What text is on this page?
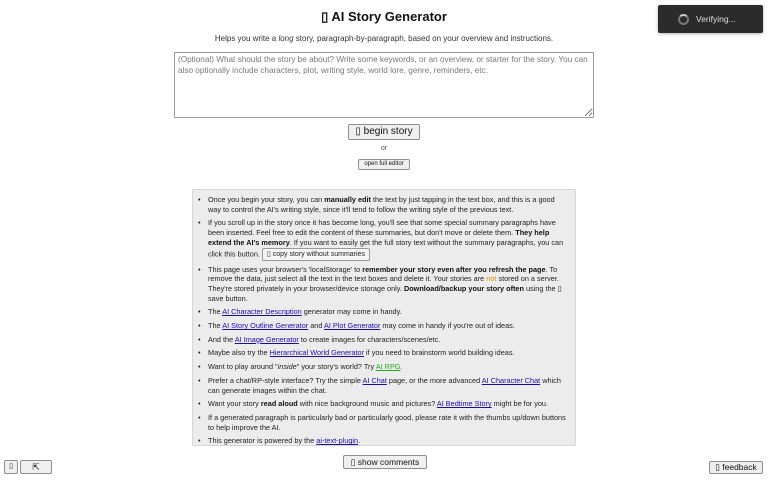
▯ AI Story Generator
Helps you write a long story, paragraph-by-paragraph, based on your overview and instructions.
(Optional) What should the story be about? Write some keywords, or an overview, or starter for the story. You can also optionally include characters, plot, writing style, world lore, genre, reminders, etc.
▯ begin story
or
open full editor
• Once you begin your story, you can manually edit the text by just tapping in the text box, and this is a good way to control the AI's writing style, since it'll tend to follow the writing style of the previous text.
• If you scroll up in the story once it has become long, you'll see that some special summary paragraphs have been inserted. Feel free to edit the content of these summaries, but don't move or delete them. They help extend the AI's memory. If you want to easily get the full story text without the summary paragraphs, you can click this button. ▯ copy story without summaries
• This page uses your browser's 'localStorage' to remember your story even after you refresh the page. To remove the data, just select all the text in the text boxes and delete it. Your stories are not stored on a server. They're stored privately in your browser/device storage only. Download/backup your story often using the ▯ save button.
• The AI Character Description generator may come in handy.
• The AI Story Outline Generator and AI Plot Generator may come in handy if you're out of ideas.
• And the AI Image Generator to create images for characters/scenes/etc.
• Maybe also try the Hierarchical World Generator if you need to brainstorm world building ideas.
• Want to play around "inside" your story's world? Try AI RPG.
• Prefer a chat/RP-style interface? Try the simple AI Chat page, or the more advanced AI Character Chat which can generate images within the chat.
• Want your story read aloud with nice background music and pictures? AI Bedtime Story might be for you.
• If a generated paragraph is particularly bad or particularly good, please rate it with the thumbs up/down buttons to help improve the AI.
• This generator is powered by the ai-text-plugin.
▯ show comments
▯	⇱	▯ feedback
Verifying...
